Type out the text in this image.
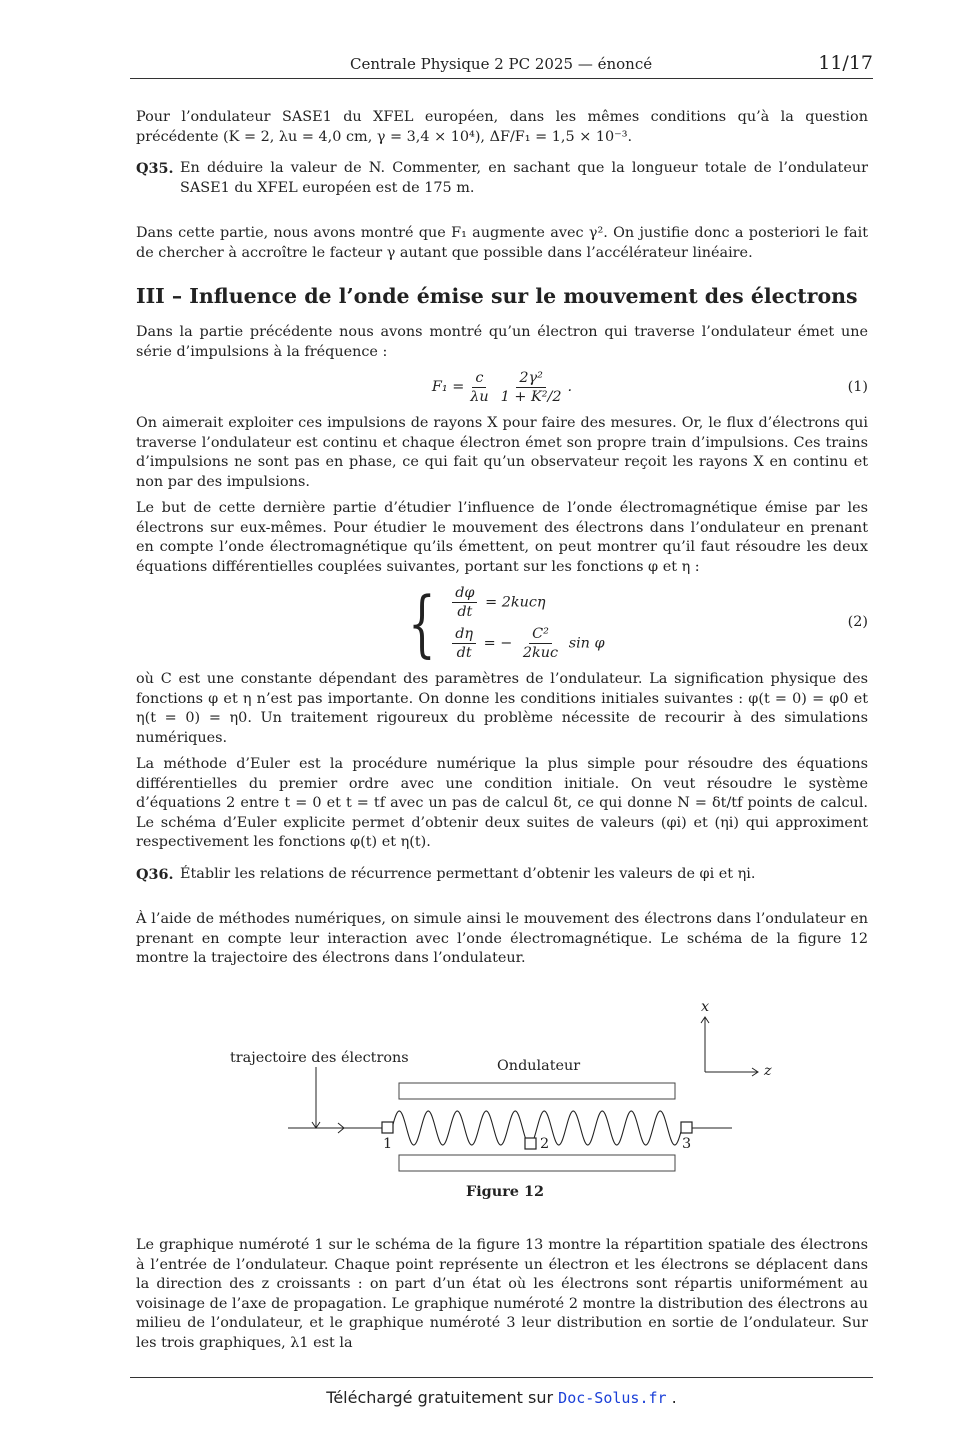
Centrale Physique 2 PC 2025 — énoncé	11/17

Pour l’ondulateur SASE1 du XFEL européen, dans les mêmes conditions qu’à la question précédente (K = 2, λu = 4,0 cm, γ = 3,4 × 10⁴), ΔF/F₁ = 1,5 × 10⁻³.

Q35. En déduire la valeur de N. Commenter, en sachant que la longueur totale de l’ondulateur SASE1 du XFEL européen est de 175 m.

Dans cette partie, nous avons montré que F₁ augmente avec γ². On justifie donc a posteriori le fait de chercher à accroître le facteur γ autant que possible dans l’accélérateur linéaire.

III – Influence de l’onde émise sur le mouvement des électrons

Dans la partie précédente nous avons montré qu’un électron qui traverse l’ondulateur émet une série d’impulsions à la fréquence :

$F_1 = \frac{c}{\lambda u} \frac{\text{2γ²}}{\text{1 + K²/2}}$ .	(1)

On aimerait exploiter ces impulsions de rayons X pour faire des mesures. Or, le flux d’électrons qui traverse l’ondulateur est continu et chaque électron émet son propre train d’impulsions. Ces trains d’impulsions ne sont pas en phase, ce qui fait qu’un observateur reçoit les rayons X en continu et non par des impulsions.

Le but de cette dernière partie d’étudier l’influence de l’onde électromagnétique émise par les électrons sur eux-mêmes. Pour étudier le mouvement des électrons dans l’ondulateur en prenant en compte l’onde électromagnétique qu’ils émettent, on peut montrer qu’il faut résoudre les deux équations différentielles couplées suivantes, portant sur les fonctions φ et η :

{ $\frac{d\varphi}{dt} = 2kuc\eta$
$\frac{d\eta}{dt}$ = − $\frac{\text{C²}}{\text{2kuc}}$ sin φ
(2)

où C est une constante dépendant des paramètres de l’ondulateur. La signification physique des fonctions φ et η n’est pas importante. On donne les conditions initiales suivantes : φ(t = 0) = φ0 et η(t = 0) = η0. Un traitement rigoureux du problème nécessite de recourir à des simulations numériques.

La méthode d’Euler est la procédure numérique la plus simple pour résoudre des équations différentielles du premier ordre avec une condition initiale. On veut résoudre le système d’équations 2 entre t = 0 et t = tf avec un pas de calcul δt, ce qui donne N = δt/tf points de calcul. Le schéma d’Euler explicite permet d’obtenir deux suites de valeurs (φi) et (ηi) qui approximent respectivement les fonctions φ(t) et η(t).

Q36. Établir les relations de récurrence permettant d’obtenir les valeurs de φi et ηi.

À l’aide de méthodes numériques, on simule ainsi le mouvement des électrons dans l’ondulateur en prenant en compte leur interaction avec l’onde électromagnétique. Le schéma de la figure 12 montre la trajectoire des électrons dans l’ondulateur.

x
z
trajectoire des électrons	Ondulateur
1	2	3
Figure 12
Le graphique numéroté 1 sur le schéma de la figure 13 montre la répartition spatiale des électrons à l’entrée de l’ondulateur. Chaque point représente un électron et les électrons se déplacent dans la direction des z croissants : on part d’un état où les électrons sont répartis uniformément au voisinage de l’axe de propagation. Le graphique numéroté 2 montre la distribution des électrons au milieu de l’ondulateur, et le graphique numéroté 3 leur distribution en sortie de l’ondulateur. Sur les trois graphiques, λ1 est la
Téléchargé gratuitement sur Doc-Solus.fr .
